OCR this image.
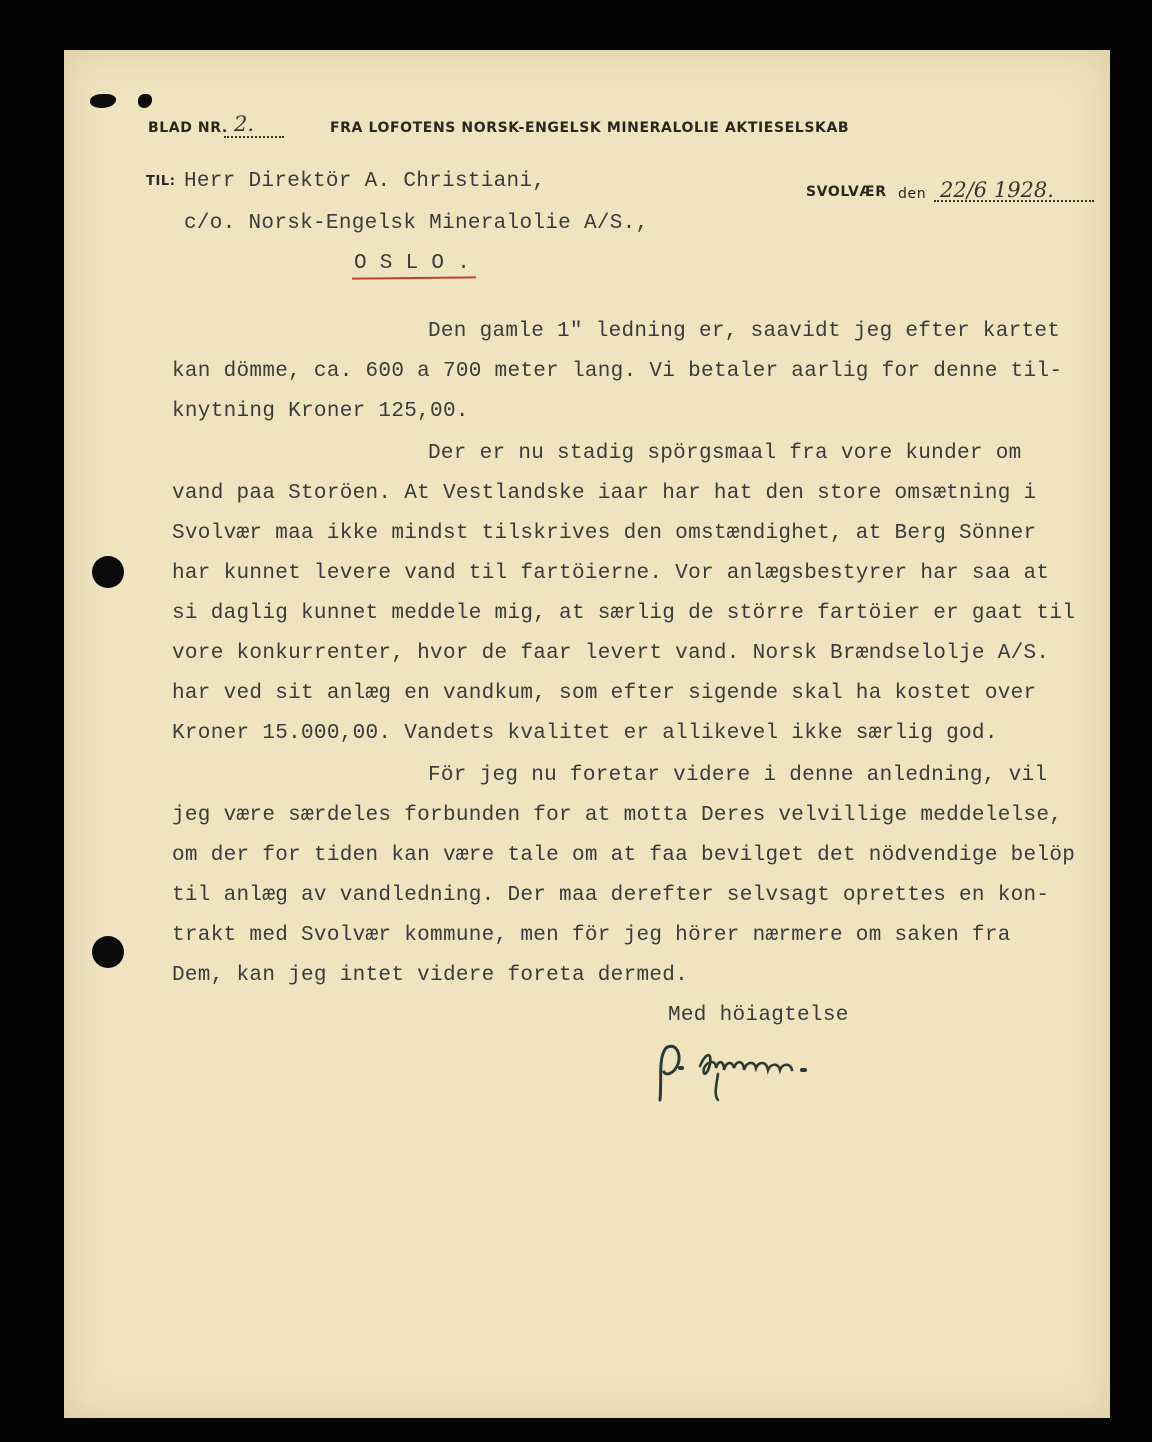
BLAD NR. 2.	FRA LOFOTENS NORSK-ENGELSK MINERALOLIE AKTIESELSKAB
TIL:
SVOLVÆR den 22/6 1928.
Herr Direktör A. Christiani,
c/o. Norsk-Engelsk Mineralolie A/S.,
O S L O .
Den gamle 1" ledning er, saavidt jeg efter kartet
kan dömme, ca. 600 a 700 meter lang. Vi betaler aarlig for denne til-
knytning Kroner 125,00.
Der er nu stadig spörgsmaal fra vore kunder om
vand paa Storöen. At Vestlandske iaar har hat den store omsætning i
Svolvær maa ikke mindst tilskrives den omstændighet, at Berg Sönner
har kunnet levere vand til fartöierne. Vor anlægsbestyrer har saa at
si daglig kunnet meddele mig, at særlig de större fartöier er gaat til
vore konkurrenter, hvor de faar levert vand. Norsk Brændselolje A/S.
har ved sit anlæg en vandkum, som efter sigende skal ha kostet over
Kroner 15.000,00. Vandets kvalitet er allikevel ikke særlig god.
För jeg nu foretar videre i denne anledning, vil
jeg være særdeles forbunden for at motta Deres velvillige meddelelse,
om der for tiden kan være tale om at faa bevilget det nödvendige belöp
til anlæg av vandledning. Der maa derefter selvsagt oprettes en kon-
trakt med Svolvær kommune, men för jeg hörer nærmere om saken fra
Dem, kan jeg intet videre foreta dermed.
Med höiagtelse
